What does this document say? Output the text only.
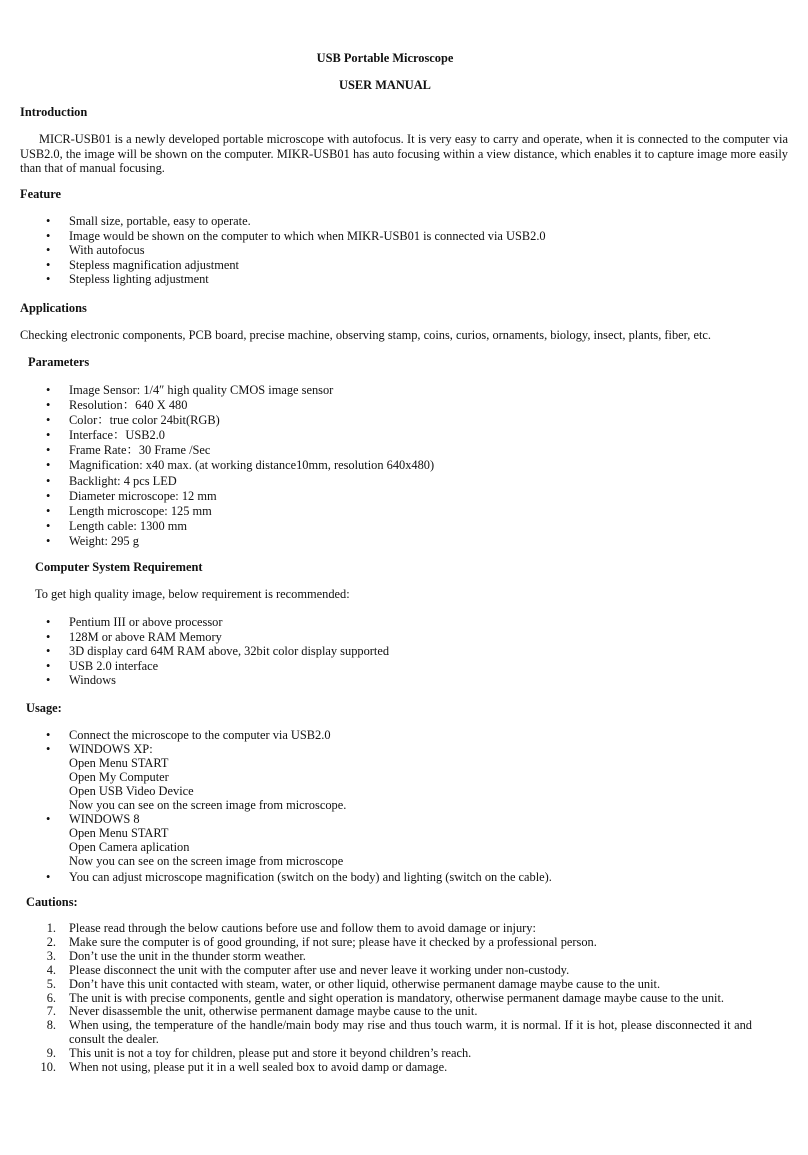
USB Portable Microscope
USER MANUAL
Introduction
MICR-USB01 is a newly developed portable microscope with autofocus. It is very easy to carry and operate, when it is connected to the computer via USB2.0, the image will be shown on the computer. MIKR-USB01 has auto focusing within a view distance, which enables it to capture image more easily than that of manual focusing.
Feature
• Small size, portable, easy to operate.
• Image would be shown on the computer to which when MIKR-USB01 is connected via USB2.0
• With autofocus
• Stepless magnification adjustment
• Stepless lighting adjustment
Applications
Checking electronic components, PCB board, precise machine, observing stamp, coins, curios, ornaments, biology, insect, plants, fiber, etc.
Parameters
• Image Sensor: 1/4″ high quality CMOS image sensor
• Resolution：640 X 480
• Color：true color 24bit(RGB)
• Interface：USB2.0
• Frame Rate：30 Frame /Sec
• Magnification: x40 max. (at working distance10mm, resolution 640x480)
• Backlight: 4 pcs LED
• Diameter microscope: 12 mm
• Length microscope: 125 mm
• Length cable: 1300 mm
• Weight: 295 g
Computer System Requirement
To get high quality image, below requirement is recommended:
• Pentium III or above processor
• 128M or above RAM Memory
• 3D display card 64M RAM above, 32bit color display supported
• USB 2.0 interface
• Windows
Usage:
• Connect the microscope to the computer via USB2.0
• WINDOWS XP:
Open Menu START
Open My Computer
Open USB Video Device
Now you can see on the screen image from microscope.
• WINDOWS 8
Open Menu START
Open Camera aplication
Now you can see on the screen image from microscope
• You can adjust microscope magnification (switch on the body) and lighting (switch on the cable).
Cautions:
1. Please read through the below cautions before use and follow them to avoid damage or injury:
2. Make sure the computer is of good grounding, if not sure; please have it checked by a professional person.
3. Don’t use the unit in the thunder storm weather.
4. Please disconnect the unit with the computer after use and never leave it working under non-custody.
5. Don’t have this unit contacted with steam, water, or other liquid, otherwise permanent damage maybe cause to the unit.
6. The unit is with precise components, gentle and sight operation is mandatory, otherwise permanent damage maybe cause to the unit.
7. Never disassemble the unit, otherwise permanent damage maybe cause to the unit.
8. When using, the temperature of the handle/main body may rise and thus touch warm, it is normal. If it is hot, please disconnected it and consult the dealer.
9. This unit is not a toy for children, please put and store it beyond children’s reach.
10. When not using, please put it in a well sealed box to avoid damp or damage.
